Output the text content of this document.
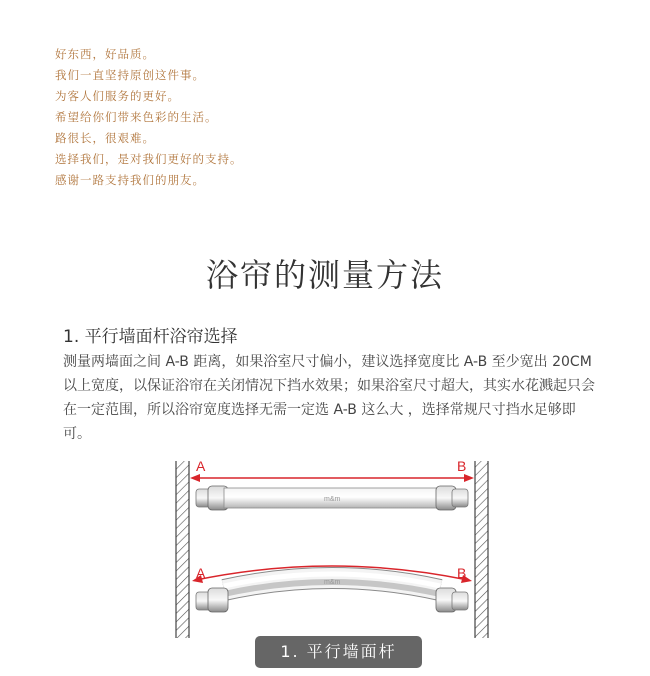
好东西，好品质。
我们一直坚持原创这件事。
为客人们服务的更好。
希望给你们带来色彩的生活。
路很长，很艰难。
选择我们，是对我们更好的支持。
感谢一路支持我们的朋友。
浴帘的测量方法
1. 平行墙面杆浴帘选择

测量两墙面之间 A-B 距离，如果浴室尺寸偏小，建议选择宽度比 A-B 至少宽出 20CM 以上宽度，以保证浴帘在关闭情况下挡水效果；如果浴室尺寸超大，其实水花溅起只会在一定范围，所以浴帘宽度选择无需一定选 A-B 这么大 ，选择常规尺寸挡水足够即可。

A	B
m&m
A	B
m&m
1. 平行墙面杆
